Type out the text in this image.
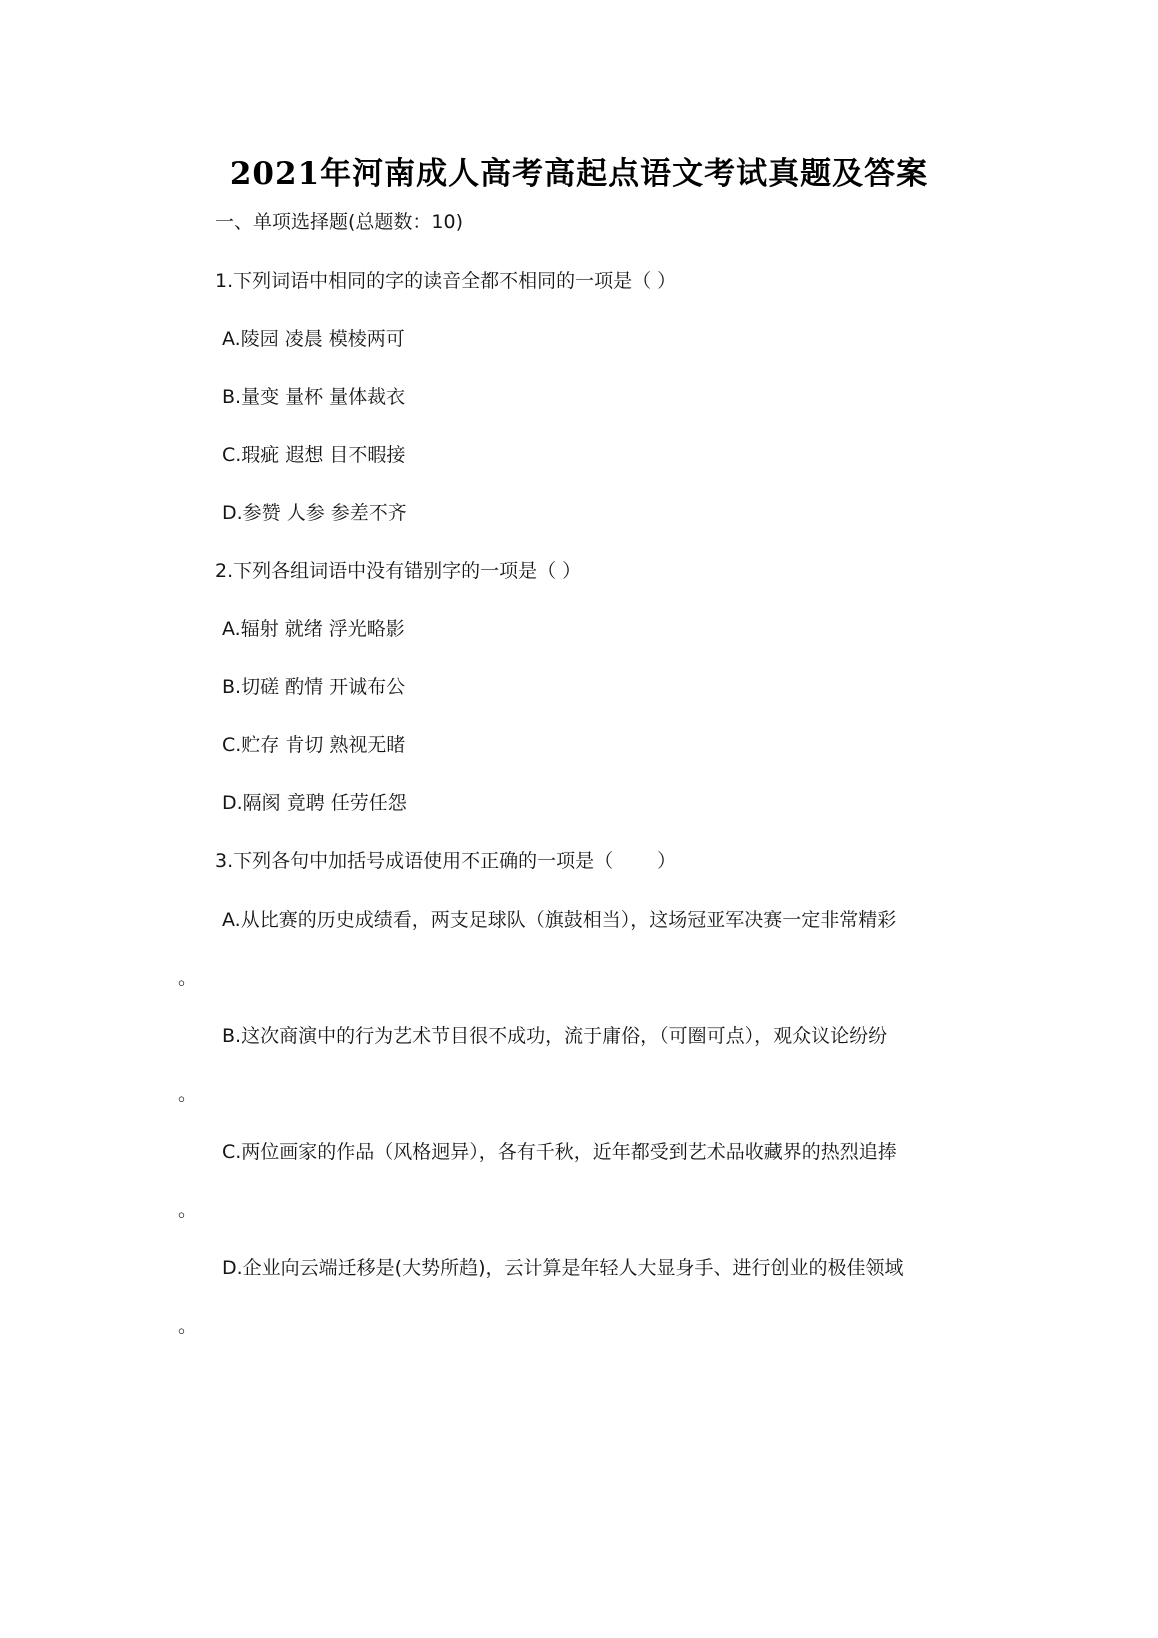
2021年河南成人高考高起点语文考试真题及答案
一、单项选择题(总题数：10)
1.下列词语中相同的字的读音全都不相同的一项是（ ）
A.陵园 凌晨 模棱两可
B.量变 量杯 量体裁衣
C.瑕疵 遐想 目不暇接
D.参赞 人参 参差不齐
2.下列各组词语中没有错别字的一项是（ ）
A.辐射 就绪 浮光略影
B.切磋 酌情 开诚布公
C.贮存 肯切 熟视无睹
D.隔阂 竟聘 任劳任怨
3.下列各句中加括号成语使用不正确的一项是（　　 ）
A.从比赛的历史成绩看，两支足球队（旗鼓相当），这场冠亚军决赛一定非常精彩
。
B.这次商演中的行为艺术节目很不成功，流于庸俗，（可圈可点），观众议论纷纷
。
C.两位画家的作品（风格迥异），各有千秋，近年都受到艺术品收藏界的热烈追捧
。
D.企业向云端迁移是(大势所趋)，云计算是年轻人大显身手、进行创业的极佳领域
。
